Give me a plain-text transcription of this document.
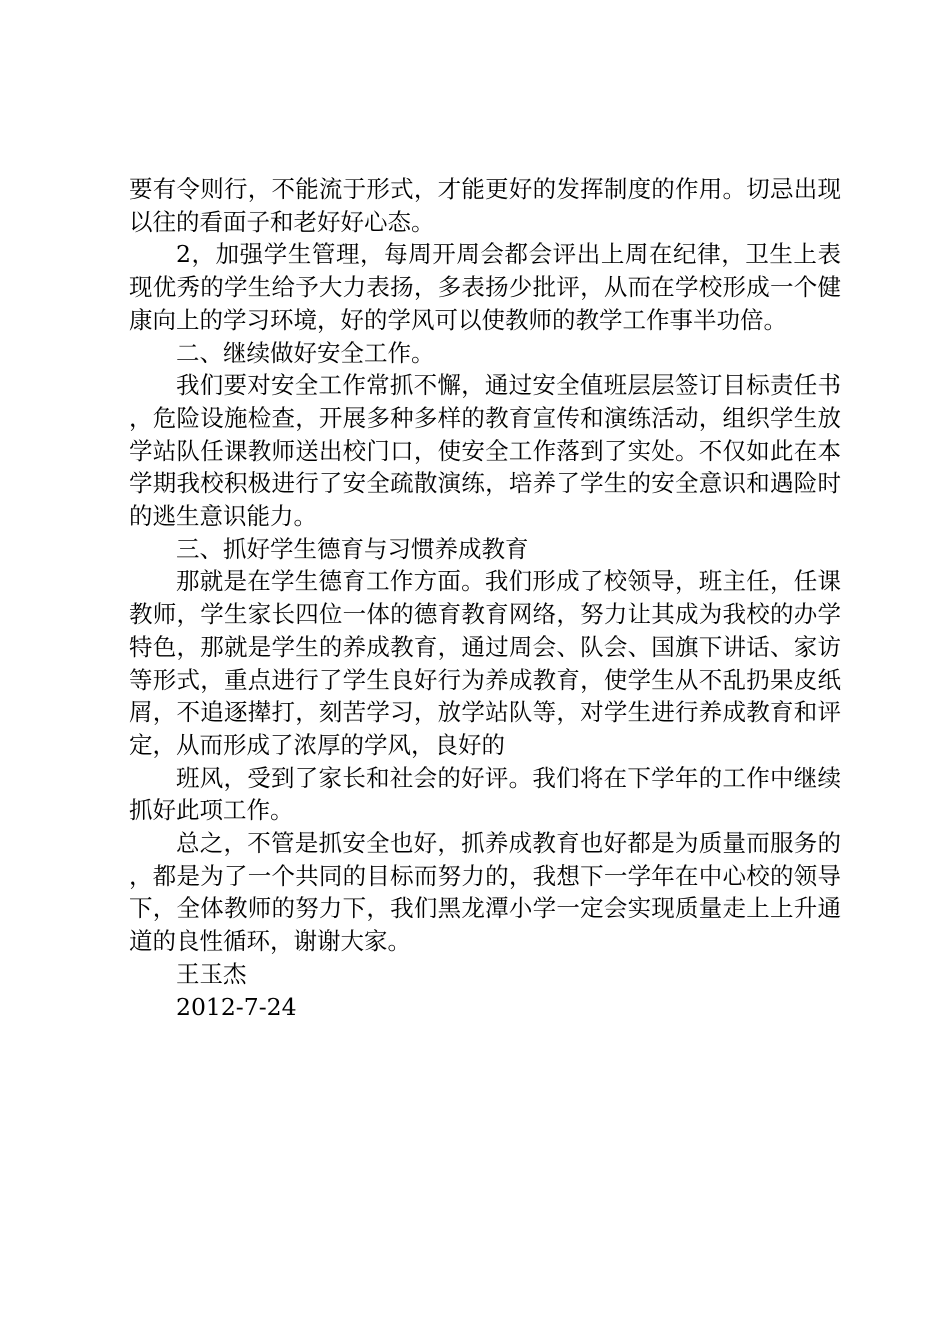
要有令则行，不能流于形式，才能更好的发挥制度的作用。切忌出现以往的看面子和老好好心态。

2，加强学生管理，每周开周会都会评出上周在纪律，卫生上表现优秀的学生给予大力表扬，多表扬少批评，从而在学校形成一个健康向上的学习环境，好的学风可以使教师的教学工作事半功倍。

二、继续做好安全工作。

我们要对安全工作常抓不懈，通过安全值班层层签订目标责任书，危险设施检查，开展多种多样的教育宣传和演练活动，组织学生放学站队任课教师送出校门口，使安全工作落到了实处。不仅如此在本学期我校积极进行了安全疏散演练，培养了学生的安全意识和遇险时的逃生意识能力。

三、抓好学生德育与习惯养成教育

那就是在学生德育工作方面。我们形成了校领导，班主任，任课教师，学生家长四位一体的德育教育网络，努力让其成为我校的办学特色，那就是学生的养成教育，通过周会、队会、国旗下讲话、家访等形式，重点进行了学生良好行为养成教育，使学生从不乱扔果皮纸屑，不追逐撵打，刻苦学习，放学站队等，对学生进行养成教育和评定，从而形成了浓厚的学风，良好的

班风，受到了家长和社会的好评。我们将在下学年的工作中继续抓好此项工作。

总之，不管是抓安全也好，抓养成教育也好都是为质量而服务的，都是为了一个共同的目标而努力的，我想下一学年在中心校的领导下，全体教师的努力下，我们黑龙潭小学一定会实现质量走上上升通道的良性循环，谢谢大家。

王玉杰

2012-7-24
